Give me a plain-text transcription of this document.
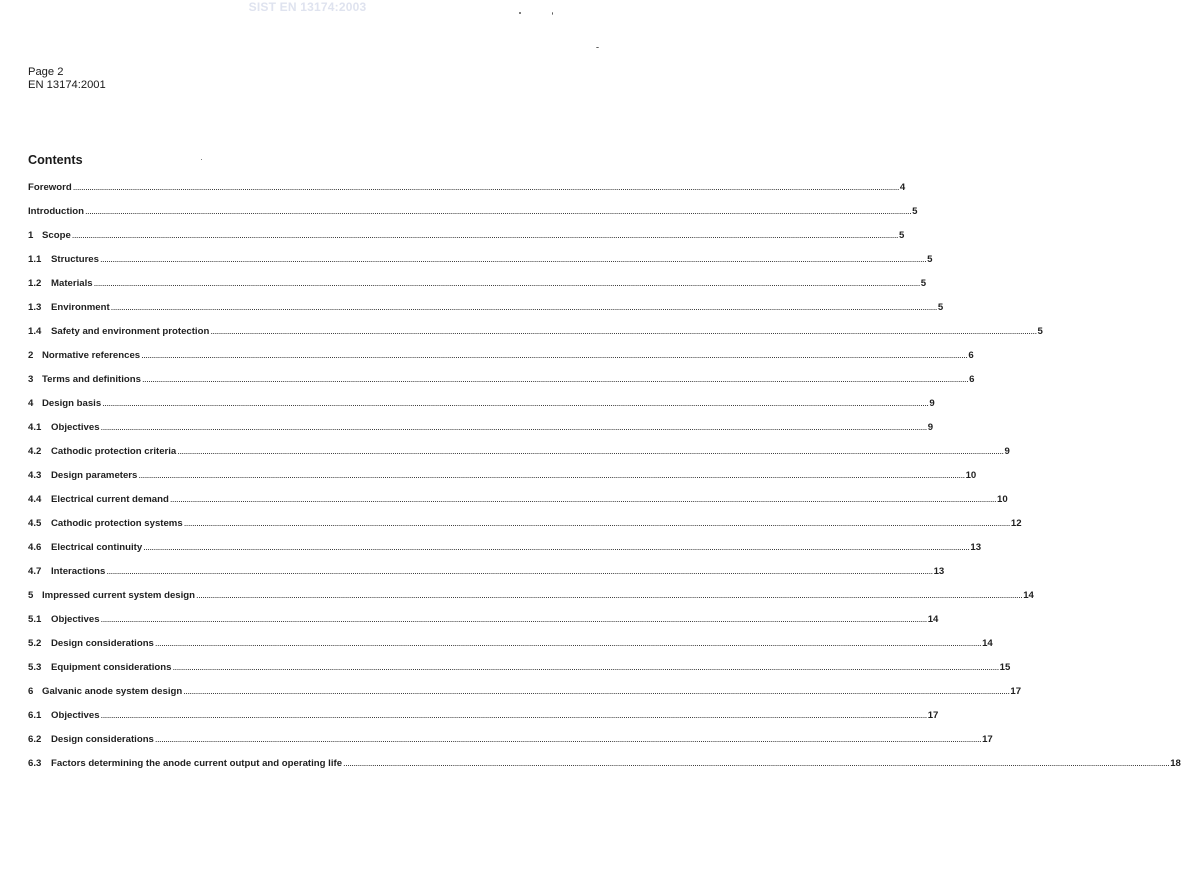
SIST EN 13174:2003
Page 2
EN 13174:2001
Contents
Foreword ................................................................................................................................................................................................................................................................................................................................................................................................................ 4
Introduction ................................................................................................................................................................................................................................................................................................................................................................................................................ 5
1 Scope ................................................................................................................................................................................................................................................................................................................................................................................................................ 5
1.1 Structures ................................................................................................................................................................................................................................................................................................................................................................................................................ 5
1.2 Materials ................................................................................................................................................................................................................................................................................................................................................................................................................ 5
1.3 Environment ................................................................................................................................................................................................................................................................................................................................................................................................................ 5
1.4 Safety and environment protection ................................................................................................................................................................................................................................................................................................................................................................................................................ 5
2 Normative references ................................................................................................................................................................................................................................................................................................................................................................................................................ 6
3 Terms and definitions ................................................................................................................................................................................................................................................................................................................................................................................................................ 6
4 Design basis ................................................................................................................................................................................................................................................................................................................................................................................................................ 9
4.1 Objectives ................................................................................................................................................................................................................................................................................................................................................................................................................ 9
4.2 Cathodic protection criteria ................................................................................................................................................................................................................................................................................................................................................................................................................ 9
4.3 Design parameters ................................................................................................................................................................................................................................................................................................................................................................................................................ 10
4.4 Electrical current demand ................................................................................................................................................................................................................................................................................................................................................................................................................ 10
4.5 Cathodic protection systems ................................................................................................................................................................................................................................................................................................................................................................................................................ 12
4.6 Electrical continuity ................................................................................................................................................................................................................................................................................................................................................................................................................ 13
4.7 Interactions ................................................................................................................................................................................................................................................................................................................................................................................................................ 13
5 Impressed current system design ................................................................................................................................................................................................................................................................................................................................................................................................................ 14
5.1 Objectives ................................................................................................................................................................................................................................................................................................................................................................................................................ 14
5.2 Design considerations ................................................................................................................................................................................................................................................................................................................................................................................................................ 14
5.3 Equipment considerations ................................................................................................................................................................................................................................................................................................................................................................................................................ 15
6 Galvanic anode system design ................................................................................................................................................................................................................................................................................................................................................................................................................ 17
6.1 Objectives ................................................................................................................................................................................................................................................................................................................................................................................................................ 17
6.2 Design considerations ................................................................................................................................................................................................................................................................................................................................................................................................................ 17
6.3 Factors determining the anode current output and operating life ................................................................................................................................................................................................................................................................................................................................................................................................................ 18
